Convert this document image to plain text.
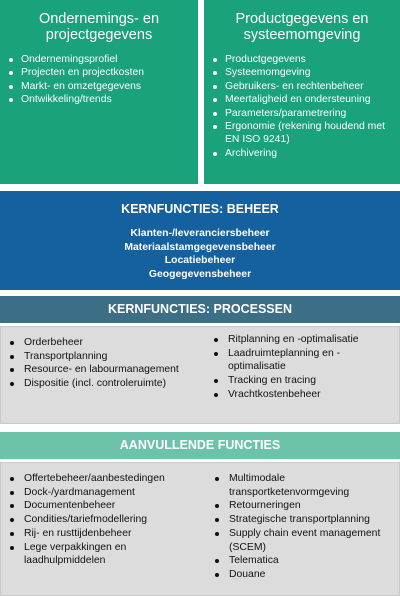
Ondernemings- en
projectgegevens
Ondernemingsprofiel
Projecten en projectkosten
Markt- en omzetgegevens
Ontwikkeling/trends
Productgegevens en
systeemomgeving
Productgegevens
Systeemomgeving
Gebruikers- en rechtenbeheer
Meertaligheid en ondersteuning
Parameters/parametrering
Ergonomie (rekening houdend met EN ISO 9241)
Archivering
KERNFUNCTIES: BEHEER
Klanten-/leveranciersbeheer
Materiaalstamgegevensbeheer
Locatiebeheer
Geogegevensbeheer
KERNFUNCTIES: PROCESSEN
Orderbeheer
Transportplanning
Resource- en labourmanagement
Dispositie (incl. controleruimte)
Ritplanning en -optimalisatie
Laadruimteplanning en -optimalisatie
Tracking en tracing
Vrachtkostenbeheer
AANVULLENDE FUNCTIES
Offertebeheer/aanbestedingen
Dock-/yardmanagement
Documentenbeheer
Condities/tariefmodellering
Rij- en rusttijdenbeheer
Lege verpakkingen en laadhulpmiddelen
Multimodale transportketenvormgeving
Retourneringen
Strategische transportplanning
Supply chain event management (SCEM)
Telematica
Douane
